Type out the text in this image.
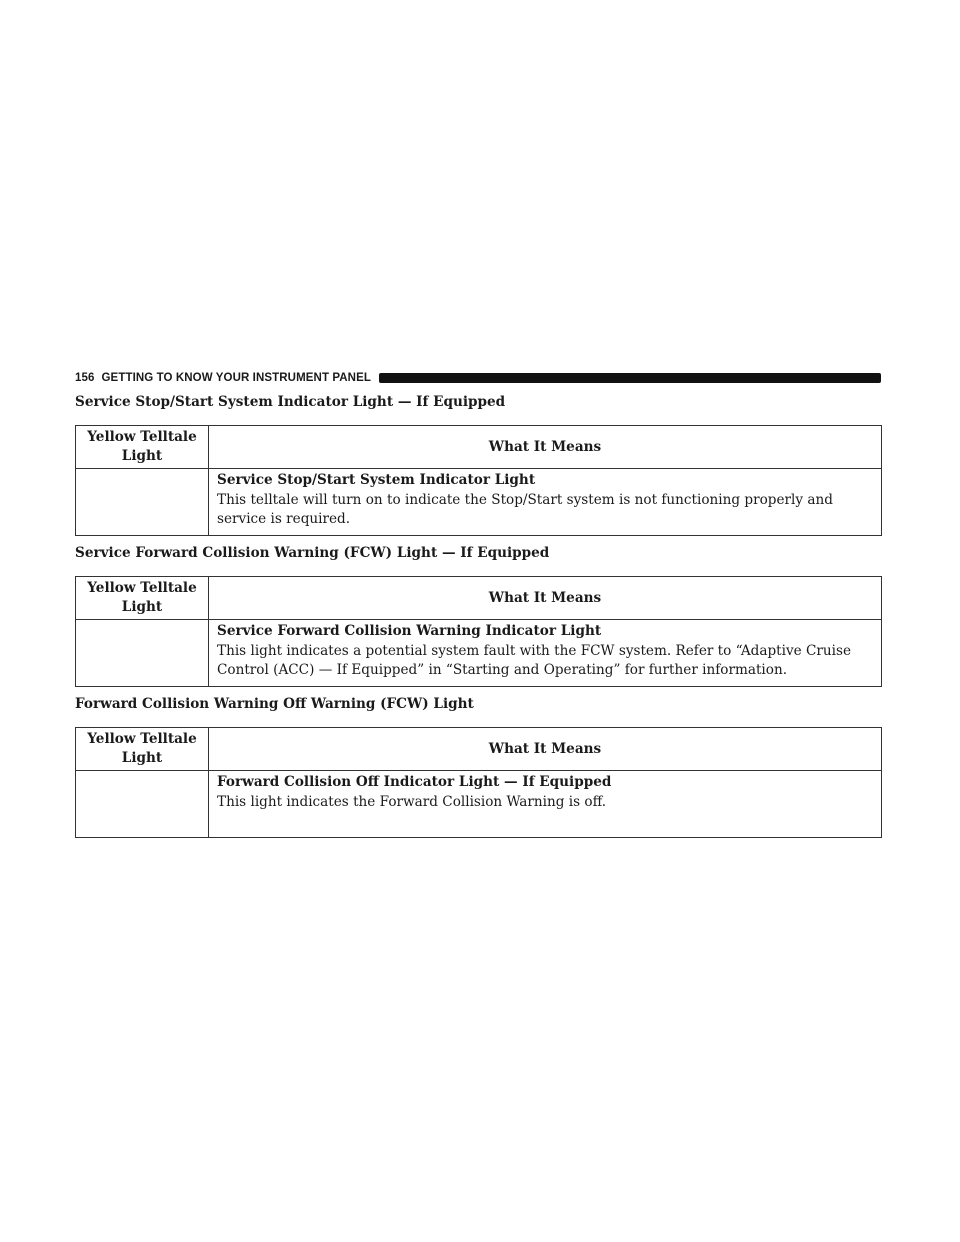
156 GETTING TO KNOW YOUR INSTRUMENT PANEL
Service Stop/Start System Indicator Light — If Equipped
Yellow Telltale Light	What It Means

	Service Stop/Start System Indicator Light
This telltale will turn on to indicate the Stop/Start system is not functioning properly and service is required.
Service Forward Collision Warning (FCW) Light — If Equipped
Yellow Telltale Light	What It Means

	Service Forward Collision Warning Indicator Light
This light indicates a potential system fault with the FCW system. Refer to “Adaptive Cruise Control (ACC) — If Equipped” in “Starting and Operating” for further information.
Forward Collision Warning Off Warning (FCW) Light
Yellow Telltale Light	What It Means

	Forward Collision Off Indicator Light — If Equipped
This light indicates the Forward Collision Warning is off.
